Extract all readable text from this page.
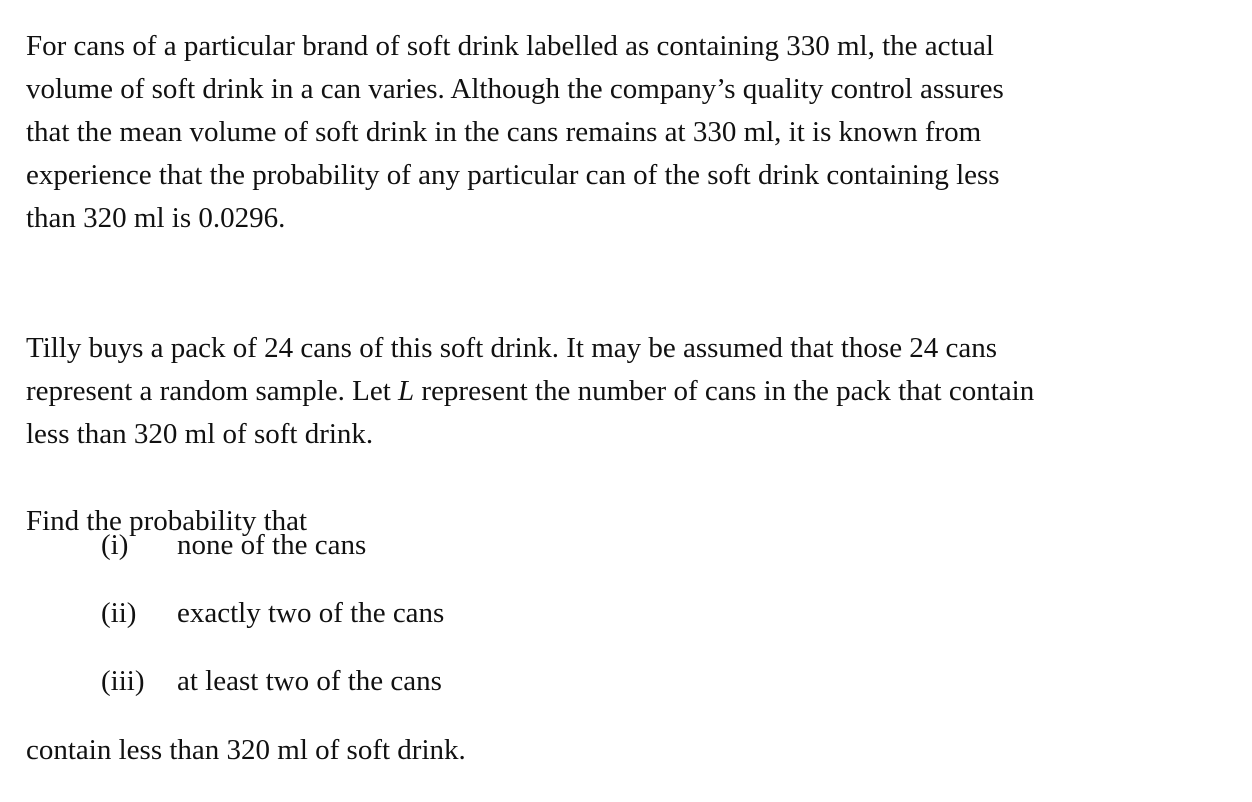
For cans of a particular brand of soft drink labelled as containing 330 ml, the actual
volume of soft drink in a can varies. Although the company’s quality control assures
that the mean volume of soft drink in the cans remains at 330 ml, it is known from
experience that the probability of any particular can of the soft drink containing less
than 320 ml is 0.0296.

Tilly buys a pack of 24 cans of this soft drink. It may be assumed that those 24 cans
represent a random sample. Let L represent the number of cans in the pack that contain
less than 320 ml of soft drink.

Find the probability that

(i)	none of the cans
(ii)	exactly two of the cans
(iii)	at least two of the cans

contain less than 320 ml of soft drink.
